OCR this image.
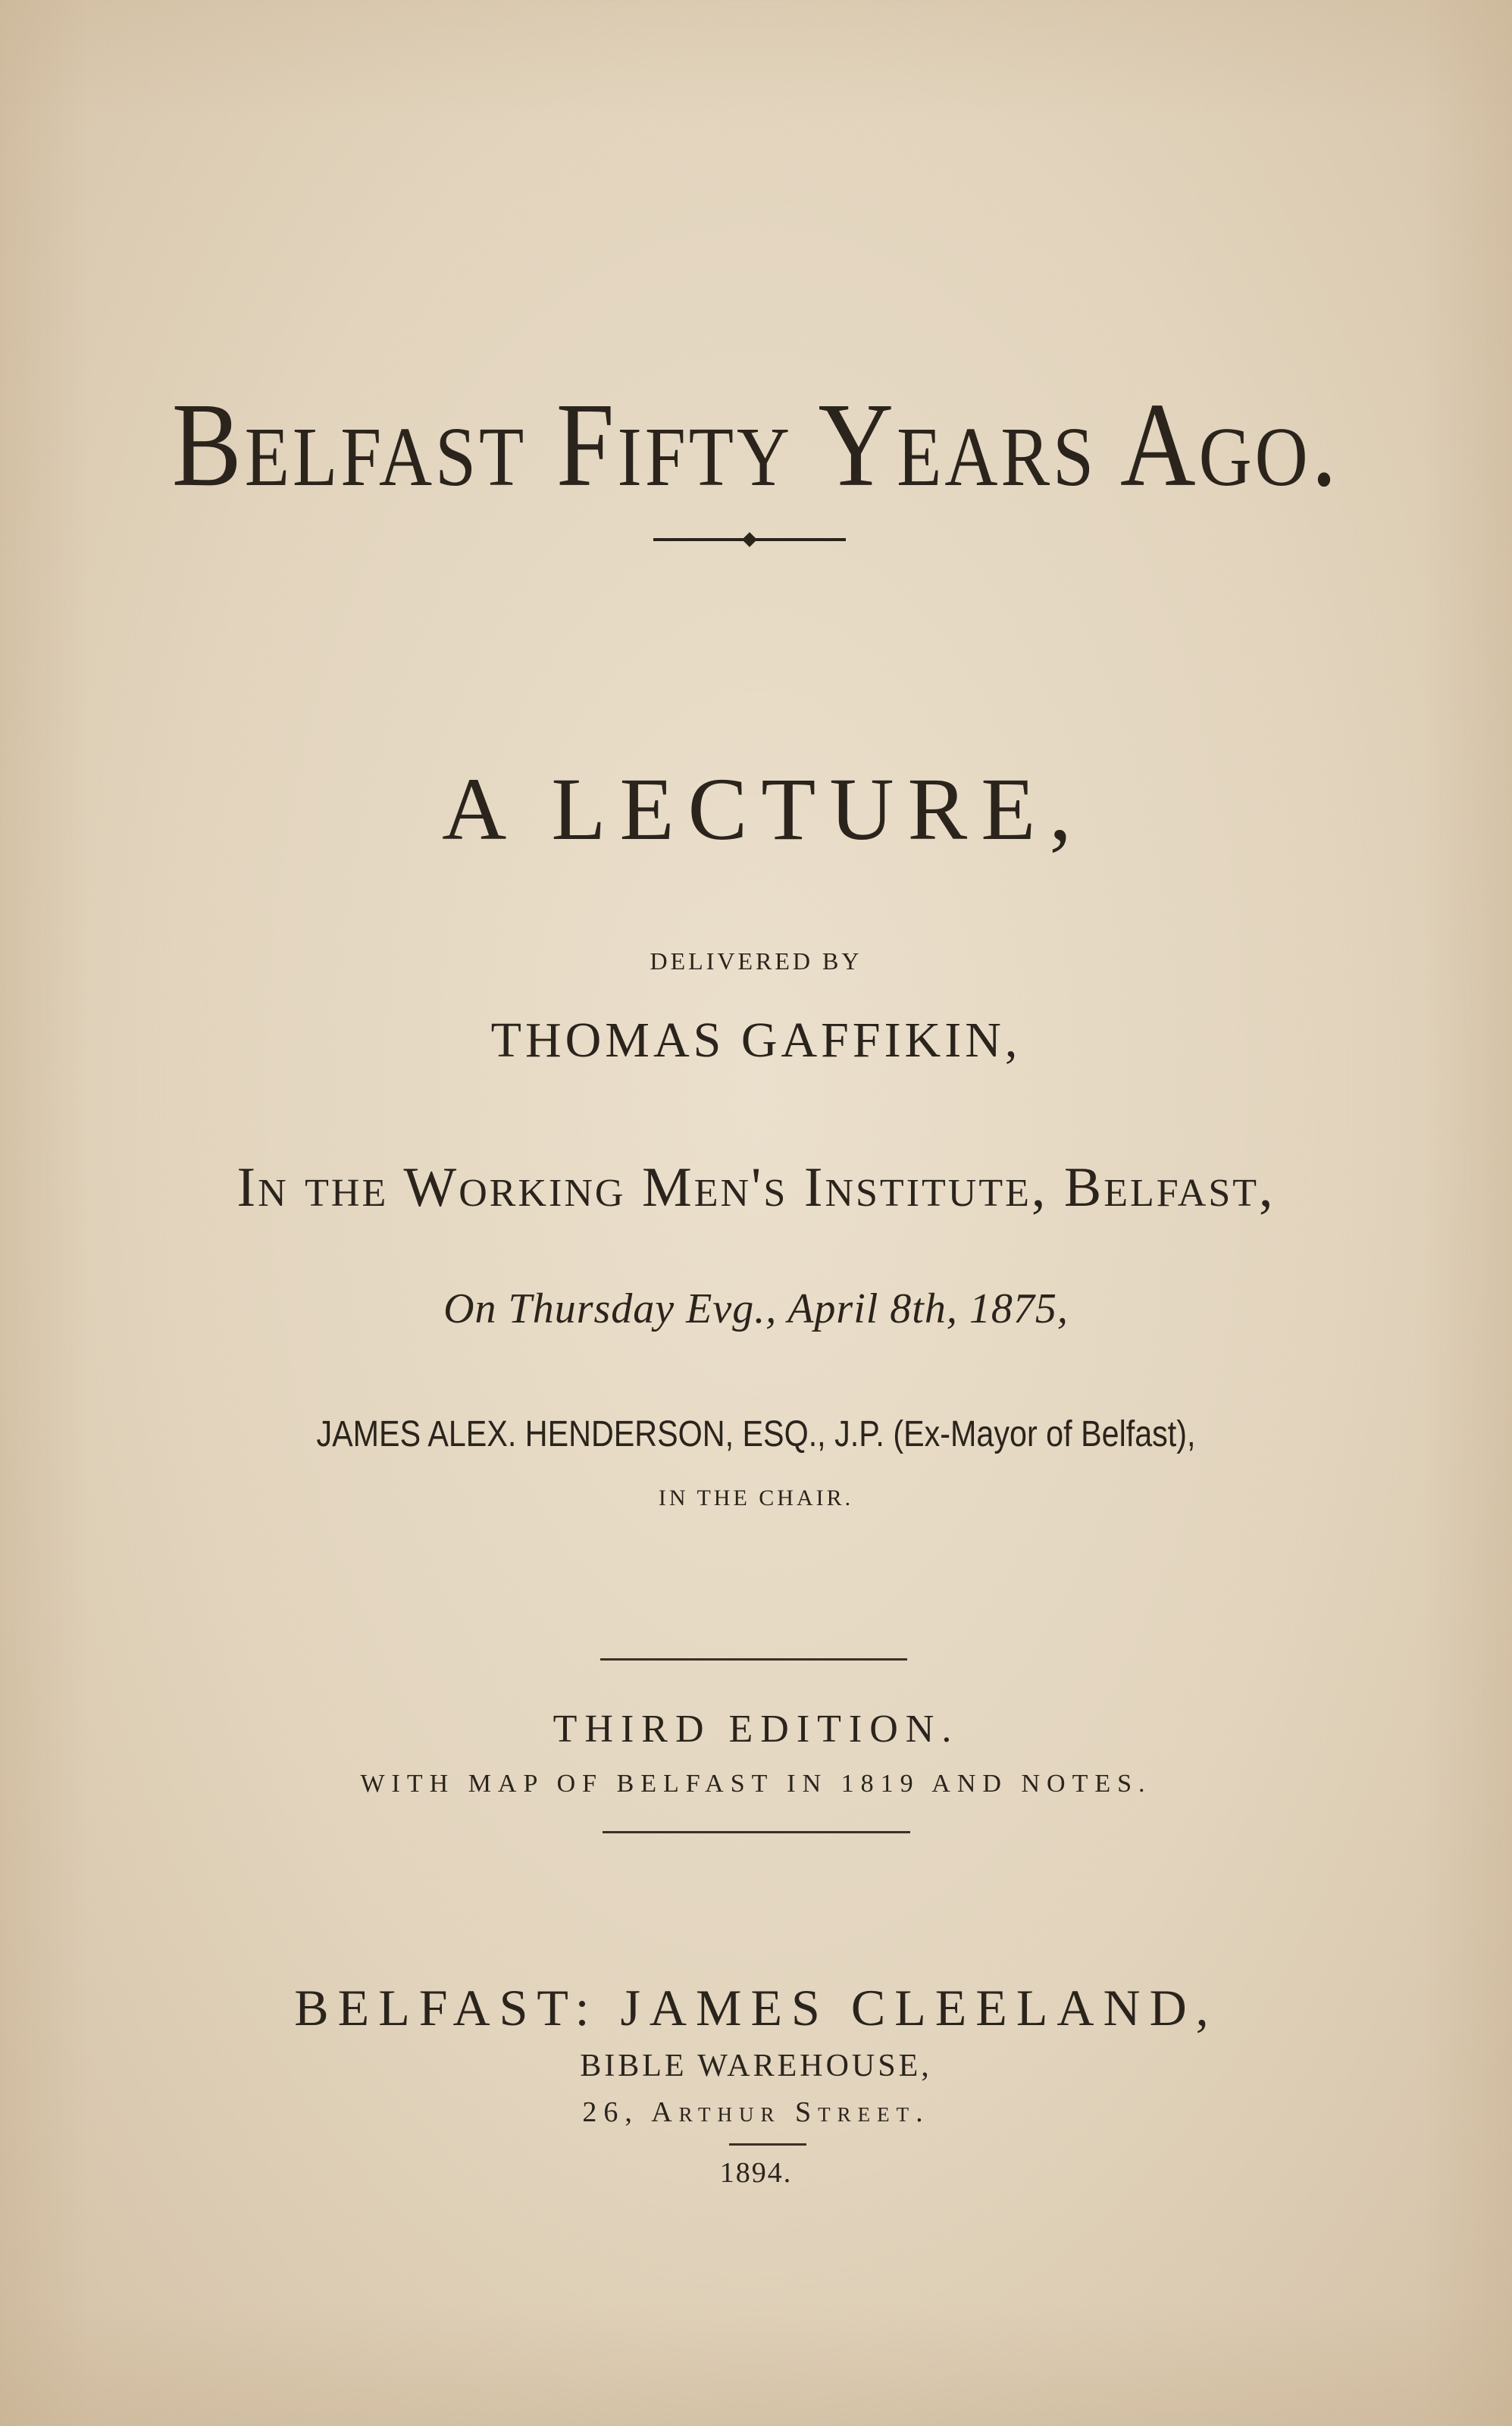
Belfast Fifty Years Ago.
A LECTURE,
DELIVERED BY
THOMAS GAFFIKIN,
In the Working Men's Institute, Belfast,
On Thursday Evg., April 8th, 1875,
JAMES ALEX. HENDERSON, ESQ., J.P. (Ex-Mayor of Belfast),
IN THE CHAIR.
THIRD EDITION.
WITH MAP OF BELFAST IN 1819 AND NOTES.
BELFAST: JAMES CLEELAND,
BIBLE WAREHOUSE,
26, Arthur Street.
1894.
